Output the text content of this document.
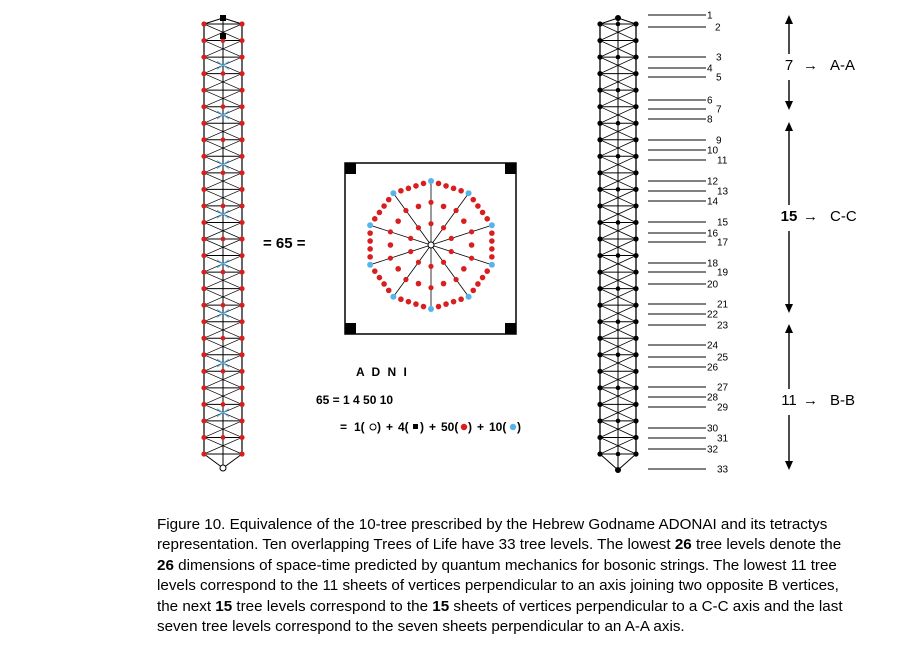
= 65 =
A D N I
65 = 1 4 50 10
= 1( ) + 4( ) + 50( ) + 10( )
1
2
3
4
5
6
7
8
9
10
11
12
13
14
15
16
17
18
19
20
21
22
23
24
25
26
27
28
29
30
31
32
33
7 → A-A
15 → C-C
11 → B-B

Figure 10. Equivalence of the 10-tree prescribed by the Hebrew Godname ADONAI and its tetractys representation. Ten overlapping Trees of Life have 33 tree levels. The lowest 26 tree levels denote the 26 dimensions of space-time predicted by quantum mechanics for bosonic strings. The lowest 11 tree levels correspond to the 11 sheets of vertices perpendicular to an axis joining two opposite B vertices, the next 15 tree levels correspond to the 15 sheets of vertices perpendicular to a C-C axis and the last seven tree levels correspond to the seven sheets perpendicular to an A-A axis.
